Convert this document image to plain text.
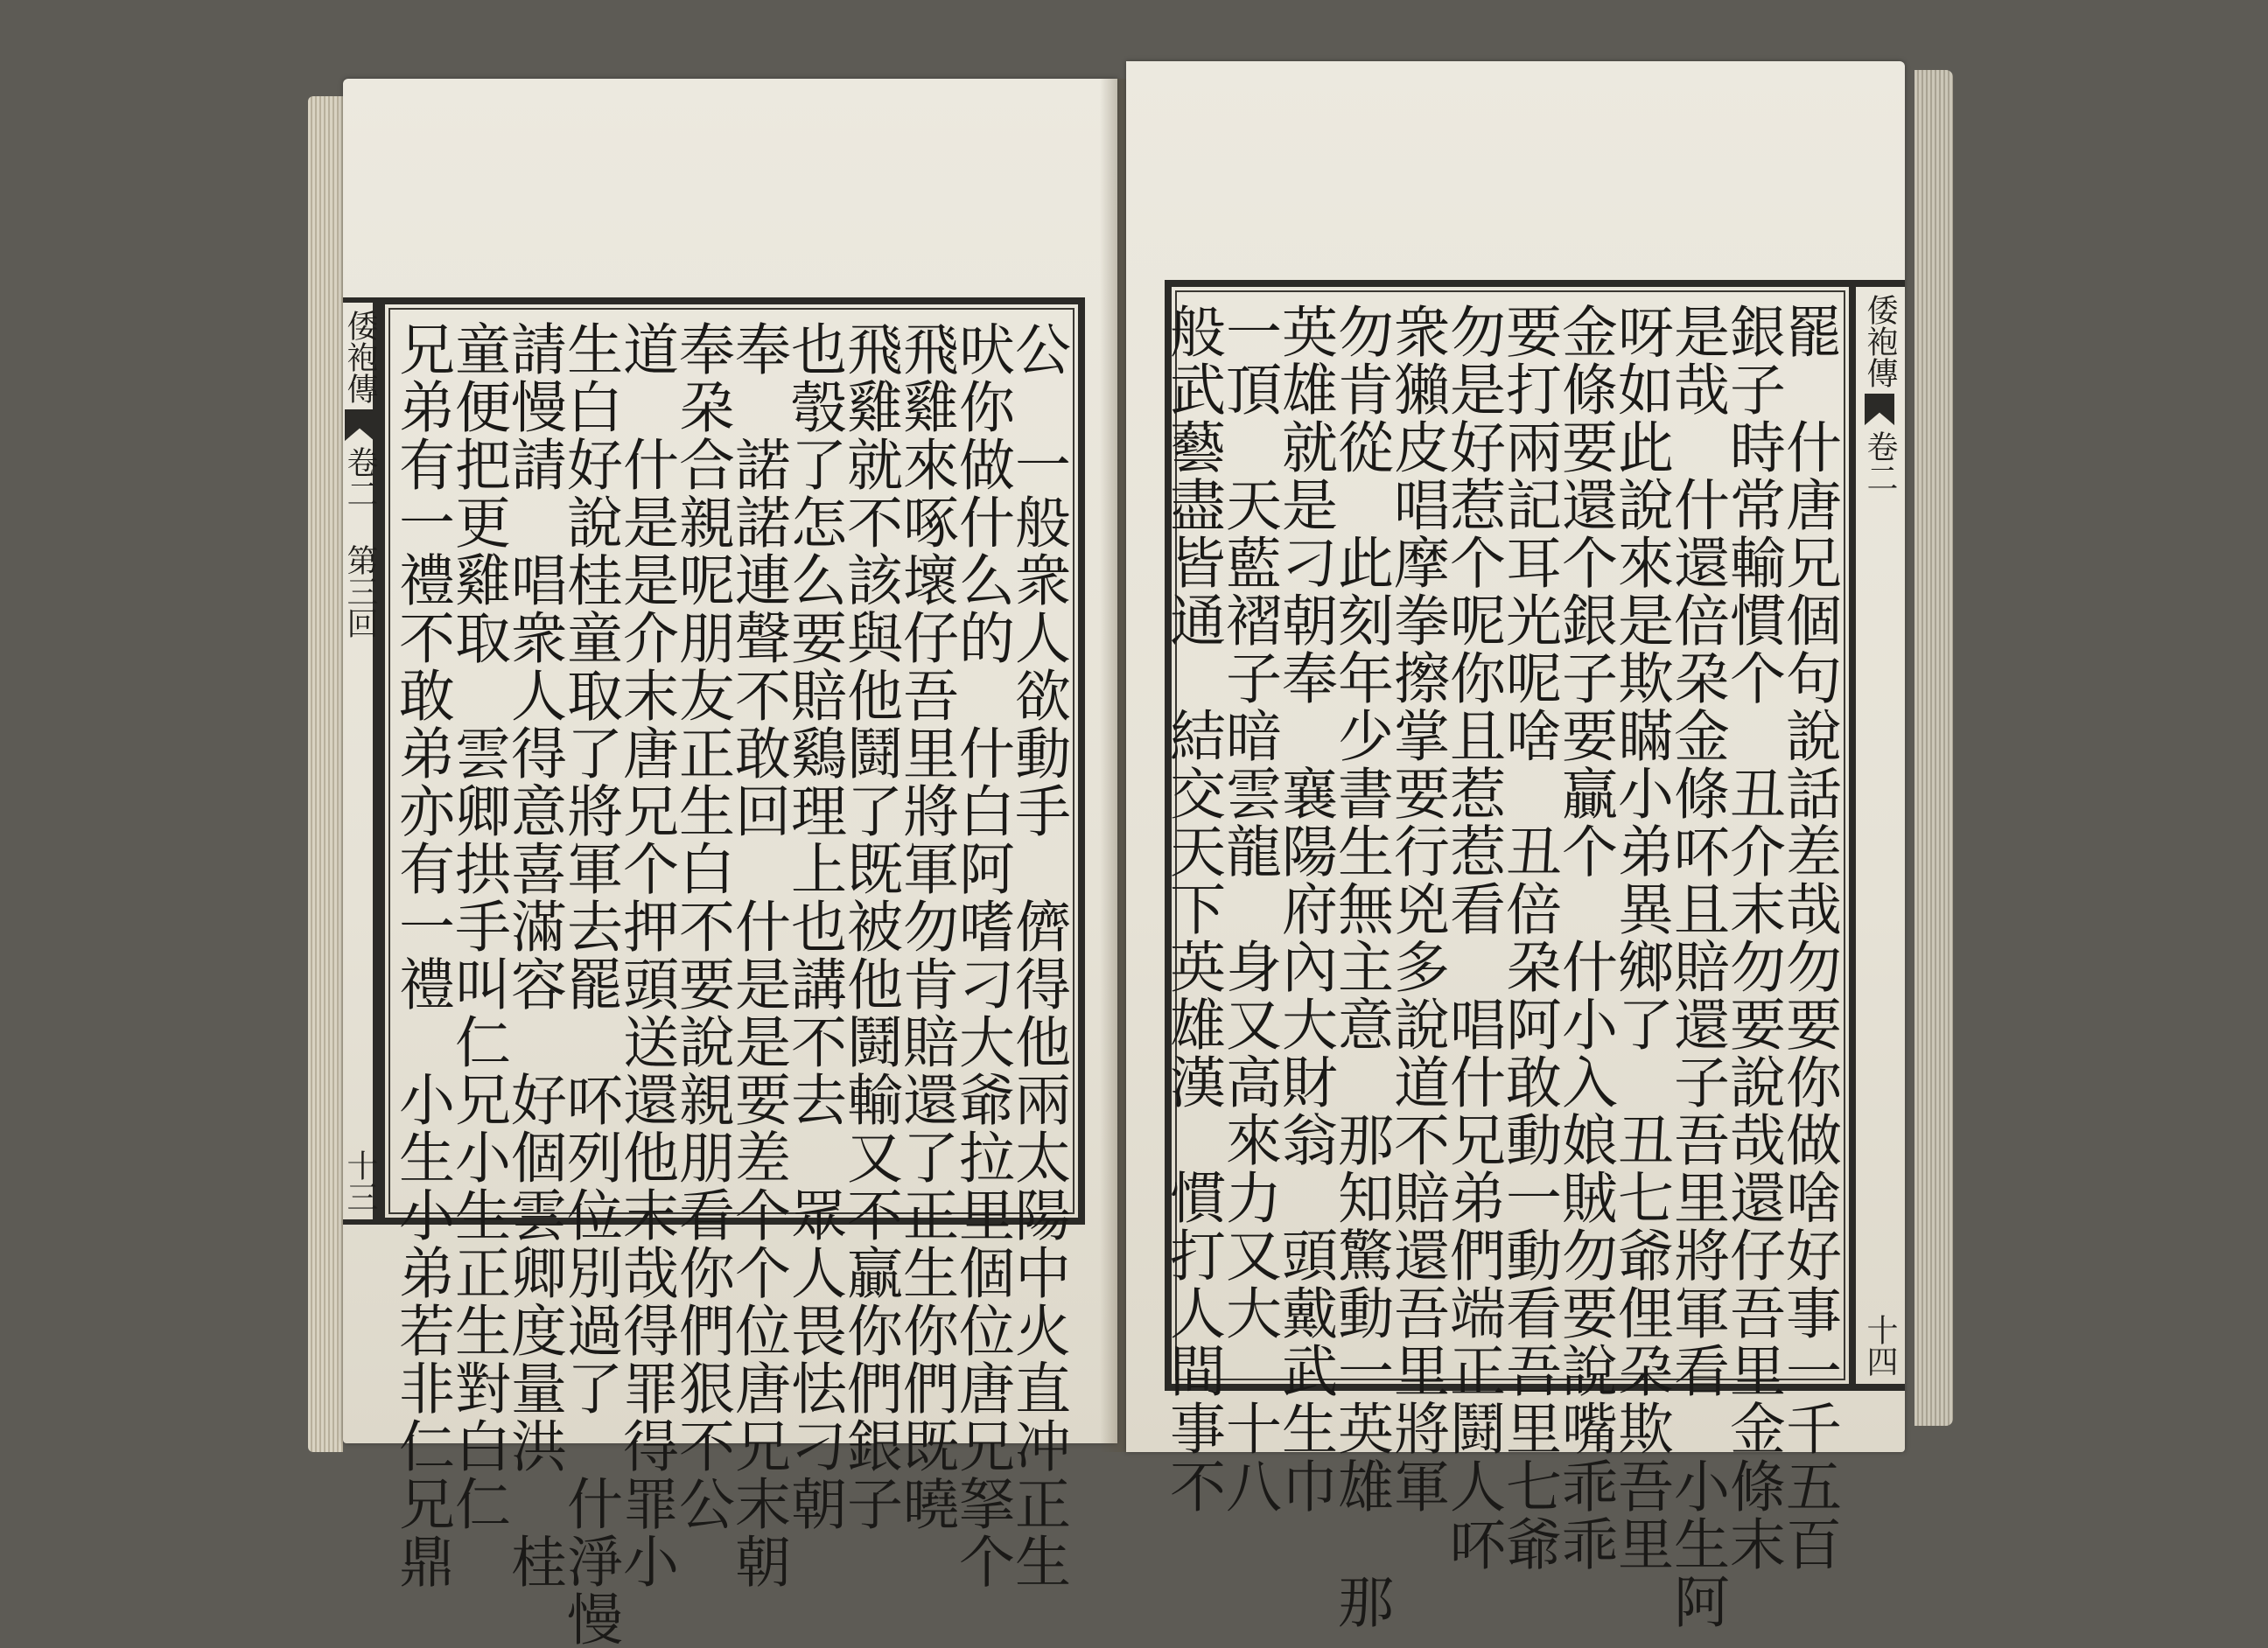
倭袍傳
卷二
第三回
十三	公　一般衆人欲動手　儕得他兩太陽中火直冲正生
吠你做什么的　什白阿嗜刁大爺拉里個位唐兄拏个
飛雞來啄壞仔吾里將軍勿肯賠還了正生你們既曉
飛雞就不該與他鬪了既被他鬪輸又不贏你們銀子
也彀了怎么要賠鷄理上也講不去　眾人畏怯刁朝
奉　諾諾連聲不敢回　什是是要差个个位唐兄末朝
奉朶合親呢朋友正生白不要說親朋看你們狠不公
道　什是是介末唐兄个押頭送還他末哉得罪得罪小
生白好說桂童取了將軍去罷　吥列位別過了　什淨慢
請慢請　唱衆人得意喜滿容　好個雲卿度量洪　桂
童便把更雞取　雲卿拱手叫仁兄小生正生對白仁
兄弟有一禮不敢弟亦有一禮　小生小弟若非仁兄鼎	罷　什唐兄個句說話差哉勿要你做啥好事一千五百
銀子時常輸慣个　丑介末勿要說哉還仔吾里金條末
是哉　什還倍朶金條吥且賠還子吾里將軍看　小生阿
呀如此說來是欺瞞小弟異鄉了　丑七爺俚朶欺吾里
金條要還个銀子要贏个　什小入娘賊勿要說嘴乖乖
要打兩記耳光呢啥　丑倍朶阿敢動一動看吾里七爺
勿是好惹个呢你且惹惹看　唱什兄弟們端正鬪人吥
衆獺皮唱摩拳擦掌要行兇多說道不賠還吾里將軍
勿肯從　此刻年少書生無主意　那知驚動一英雄　那
英雄就是刁朝奉　襄陽府內大財翁　頭戴武生巾
一頂　天藍褶子暗雲龍　身又高來力又大　十八
般武藝盡皆通　結交天下英雄漢　慣打人間事不	倭袍傳
卷二
十四
